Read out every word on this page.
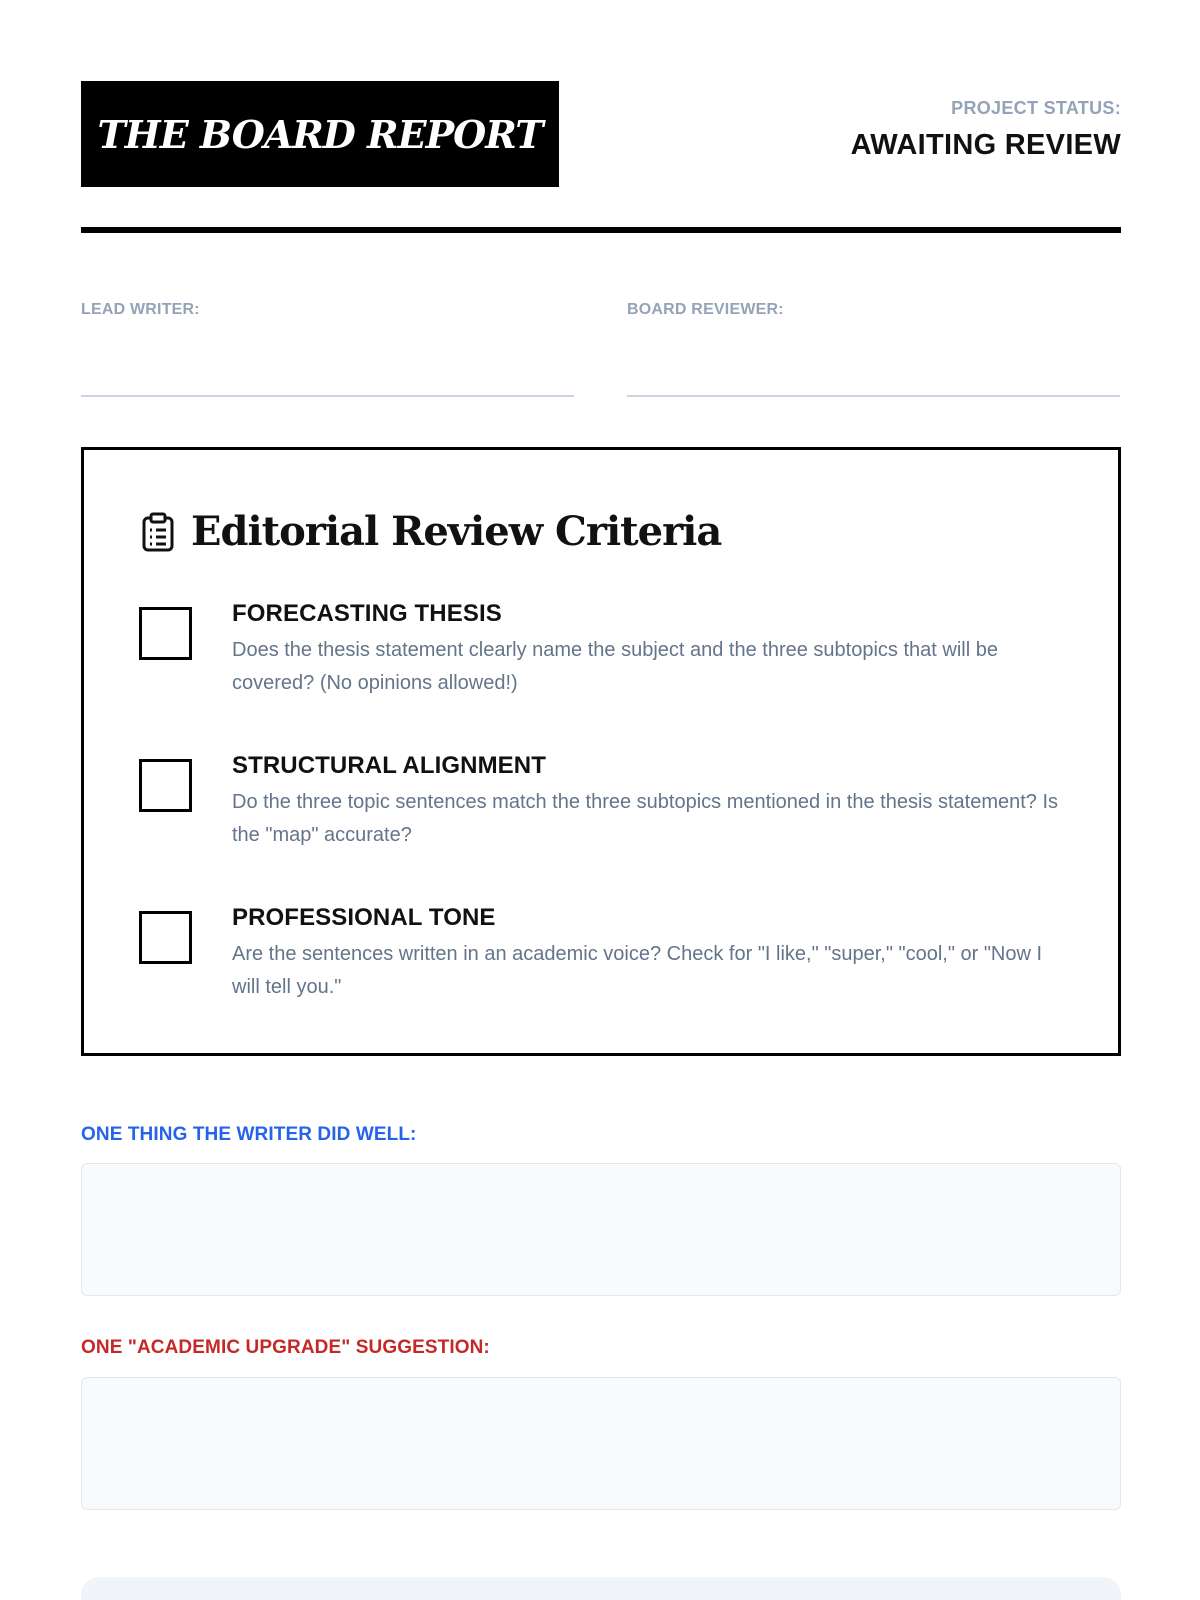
THE BOARD REPORT
PROJECT STATUS:
AWAITING REVIEW
LEAD WRITER:	BOARD REVIEWER:
Editorial Review Criteria
FORECASTING THESIS
Does the thesis statement clearly name the subject and the three subtopics that will be covered? (No opinions allowed!)
STRUCTURAL ALIGNMENT
Do the three topic sentences match the three subtopics mentioned in the thesis statement? Is the "map" accurate?
PROFESSIONAL TONE
Are the sentences written in an academic voice? Check for "I like," "super," "cool," or "Now I will tell you."
ONE THING THE WRITER DID WELL:
ONE "ACADEMIC UPGRADE" SUGGESTION:
